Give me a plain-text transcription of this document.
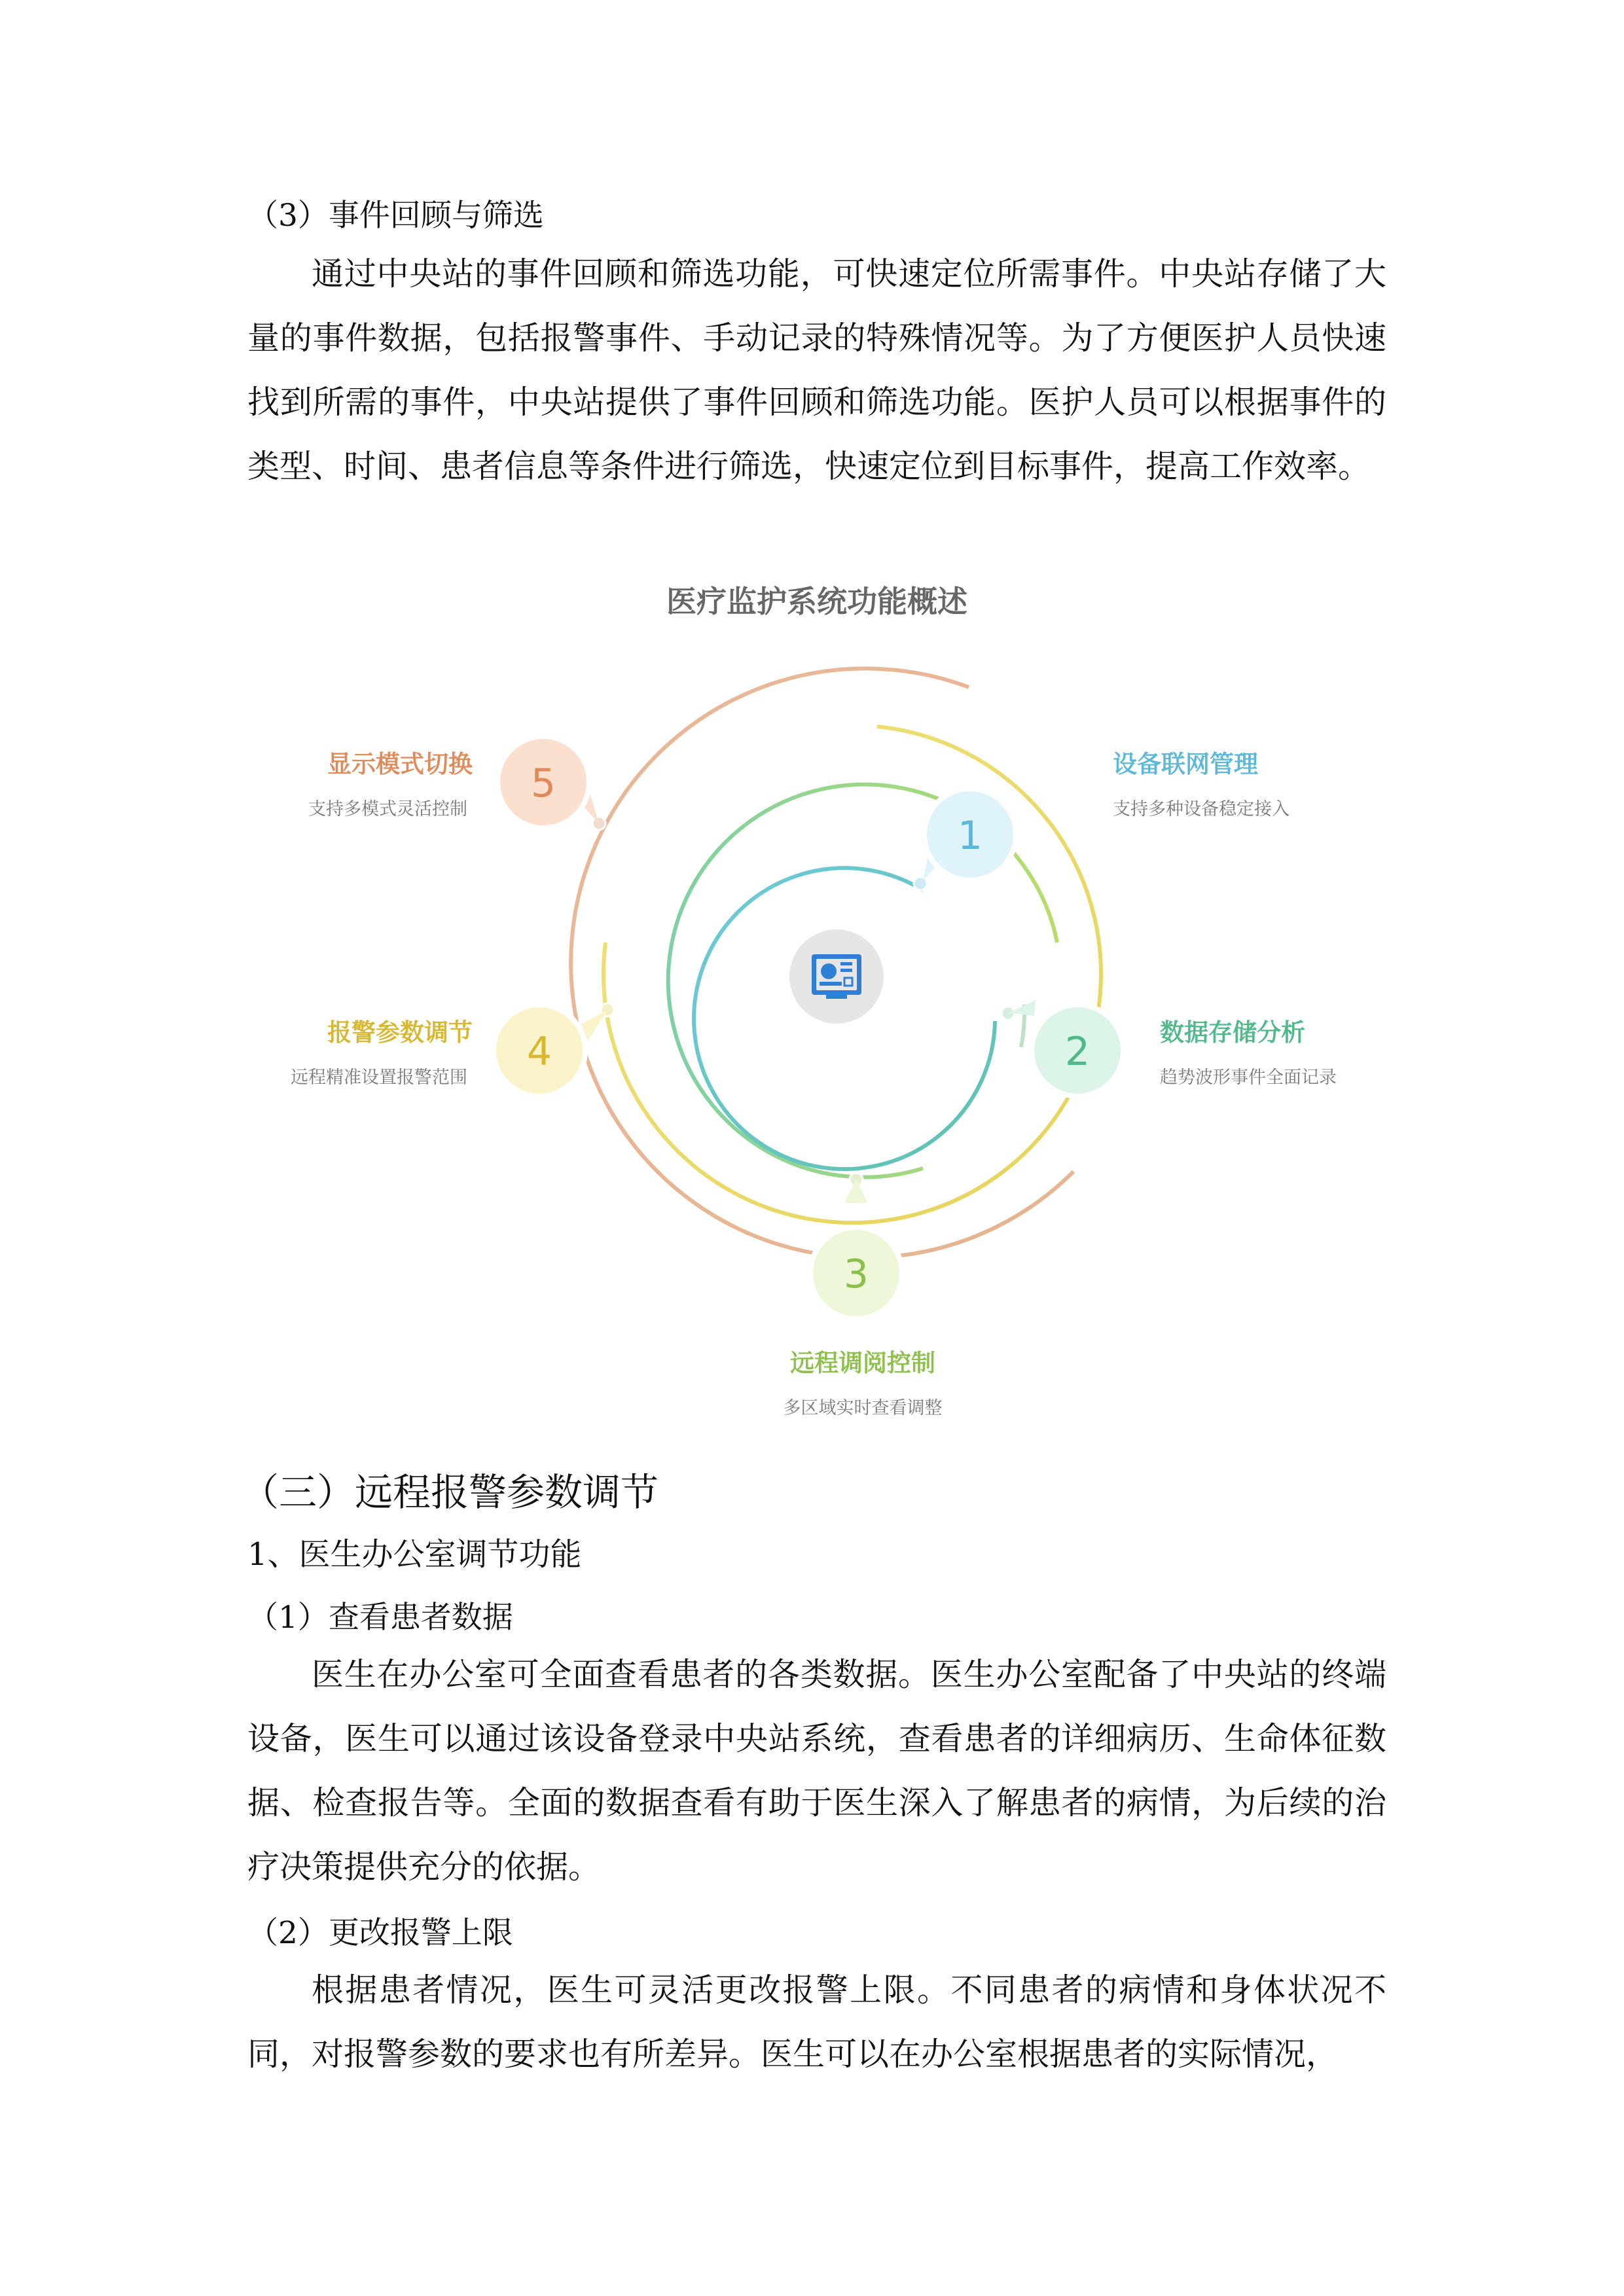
（3）事件回顾与筛选

通过中央站的事件回顾和筛选功能，可快速定位所需事件。中央站存储了大量的事件数据，包括报警事件、手动记录的特殊情况等。为了方便医护人员快速找到所需的事件，中央站提供了事件回顾和筛选功能。医护人员可以根据事件的类型、时间、患者信息等条件进行筛选，快速定位到目标事件，提高工作效率。

医疗监护系统功能概述
1
设备联网管理
支持多种设备稳定接入
2	数据存储分析
趋势波形事件全面记录
3
远程调阅控制
多区域实时查看调整
4
报警参数调节
远程精准设置报警范围
5
显示模式切换
支持多模式灵活控制

（三）远程报警参数调节

1、医生办公室调节功能

（1）查看患者数据

医生在办公室可全面查看患者的各类数据。医生办公室配备了中央站的终端设备，医生可以通过该设备登录中央站系统，查看患者的详细病历、生命体征数据、检查报告等。全面的数据查看有助于医生深入了解患者的病情，为后续的治疗决策提供充分的依据。

（2）更改报警上限

根据患者情况，医生可灵活更改报警上限。不同患者的病情和身体状况不同，对报警参数的要求也有所差异。医生可以在办公室根据患者的实际情况，
